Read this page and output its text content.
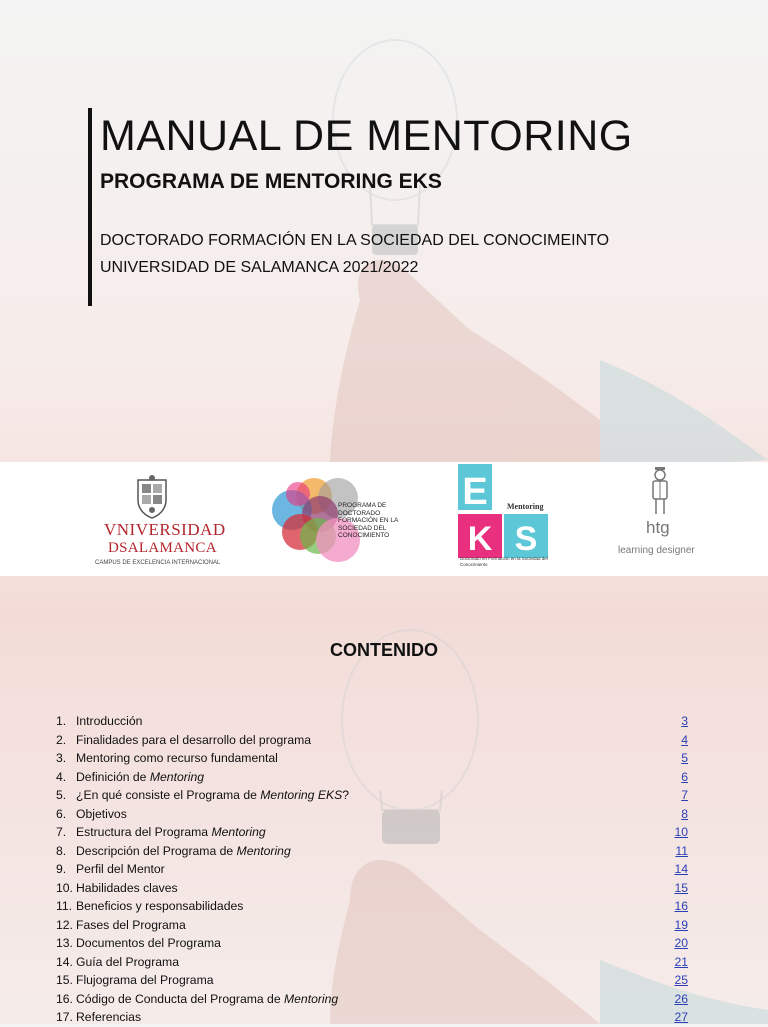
MANUAL DE MENTORING
PROGRAMA DE MENTORING EKS

DOCTORADO FORMACIÓN EN LA SOCIEDAD DEL CONOCIMEINTO

UNIVERSIDAD DE SALAMANCA 2021/2022

VNIVERSIDAD
DSALAMANCA
CAMPUS DE EXCELENCIA INTERNACIONAL
PROGRAMA DE DOCTORADO FORMACIÓN EN LA SOCIEDAD DEL CONOCIMIENTO
E
K S
Mentoring
Doctorado en Formación en la Sociedad del Conocimiento
htg
learning designer
CONTENIDO
1. Introducción	3
2. Finalidades para el desarrollo del programa	4
3. Mentoring como recurso fundamental	5
4. Definición de Mentoring	6
5. ¿En qué consiste el Programa de Mentoring EKS?	7
6. Objetivos	8
7. Estructura del Programa Mentoring	10
8. Descripción del Programa de Mentoring	11
9. Perfil del Mentor	14
10. Habilidades claves	15
11. Beneficios y responsabilidades	16
12. Fases del Programa	19
13. Documentos del Programa	20
14. Guía del Programa	21
15. Flujograma del Programa	25
16. Código de Conducta del Programa de Mentoring	26
17. Referencias	27
